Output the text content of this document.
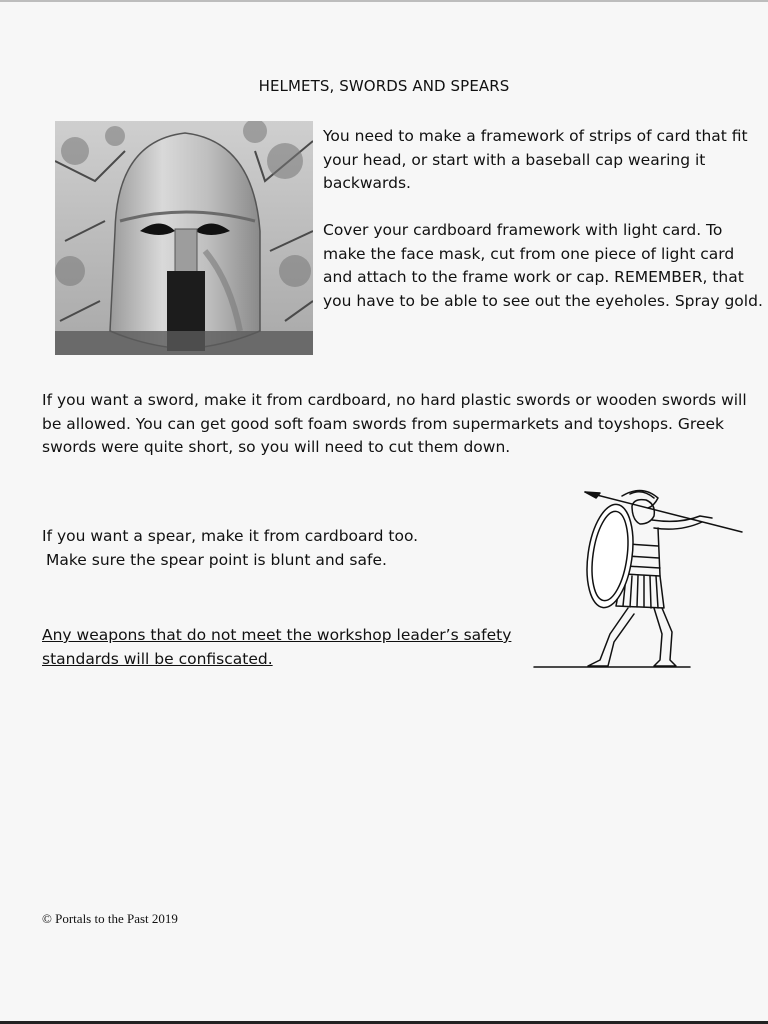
HELMETS, SWORDS AND SPEARS
You need to make a framework of strips of card that fit your head, or start with a baseball cap wearing it backwards.
Cover your cardboard framework with light card. To make the face mask, cut from one piece of light card and attach to the frame work or cap. REMEMBER, that you have to be able to see out the eyeholes. Spray gold.
If you want a sword, make it from cardboard, no hard plastic swords or wooden swords will be allowed. You can get good soft foam swords from supermarkets and toyshops. Greek swords were quite short, so you will need to cut them down.
If you want a spear, make it from cardboard too.
Make sure the spear point is blunt and safe.
Any weapons that do not meet the workshop leader’s safety standards will be confiscated.
© Portals to the Past 2019
